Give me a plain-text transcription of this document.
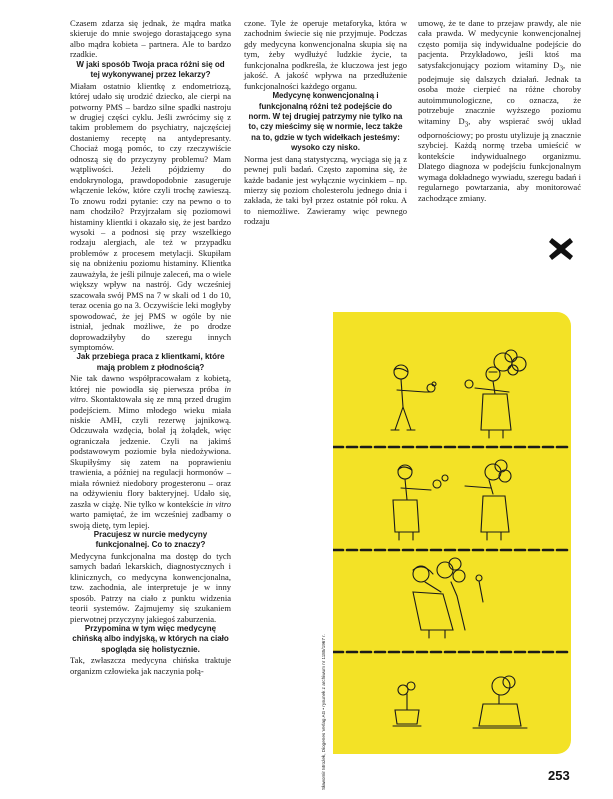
Czasem zdarza się jednak, że mądra matka skieruje do mnie swojego dorastającego syna albo mądra kobieta – partnera. Ale to bardzo rzadkie.

W jaki sposób Twoja praca różni się od tej wykonywanej przez lekarzy?

Miałam ostatnio klientkę z endometriozą, której udało się urodzić dziecko, ale cierpi na potworny PMS – bardzo silne spadki nastroju w drugiej części cyklu. Jeśli zwrócimy się z takim problemem do psychiatry, najczęściej dostaniemy receptę na antydepresanty. Chociaż mogą pomóc, to czy rzeczywiście odnoszą się do przyczyny problemu? Mam wątpliwości. Jeżeli pójdziemy do endokrynologa, prawdopodobnie zasugeruje włączenie leków, które czyli trochę zawieszą. To znowu rodzi pytanie: czy na pewno o to nam chodziło? Przyjrzałam się poziomowi histaminy klientki i okazało się, że jest bardzo wysoki – a podnosi się przy wszelkiego rodzaju alergiach, ale też w przypadku problemów z procesem metylacji. Skupiłam się na obniżeniu poziomu histaminy. Klientka zauważyła, że jeśli pilnuje zaleceń, ma o wiele większy wpływ na nastrój. Gdy wcześniej szacowała swój PMS na 7 w skali od 1 do 10, teraz ocenia go na 3. Oczywiście leki mogłyby spowodować, że jej PMS w ogóle by nie istniał, jednak możliwe, że po drodze doprowadziłyby do szeregu innych symptomów.

Jak przebiega praca z klientkami, które mają problem z płodnością?

Nie tak dawno współpracowałam z kobietą, której nie powiodła się pierwsza próba in vitro. Skontaktowała się ze mną przed drugim podejściem. Mimo młodego wieku miała niskie AMH, czyli rezerwę jajnikową. Odczuwała wzdęcia, bolał ją żołądek, więc ograniczała jedzenie. Czyli na jakimś podstawowym poziomie była niedożywiona. Skupiłyśmy się zatem na poprawieniu trawienia, a później na regulacji hormonów – miała również niedobory progesteronu – oraz na odżywieniu flory bakteryjnej. Udało się, zaszła w ciążę. Nie tylko w kontekście in vitro warto pamiętać, że im wcześniej zadbamy o swoją dietę, tym lepiej.

Pracujesz w nurcie medycyny funkcjonalnej. Co to znaczy?

Medycyna funkcjonalna ma dostęp do tych samych badań lekarskich, diagnostycznych i klinicznych, co medycyna konwencjonalna, tzw. zachodnia, ale interpretuje je w inny sposób. Patrzy na ciało z punktu widzenia teorii systemów. Zajmujemy się szukaniem pierwotnej przyczyny jakiegoś zaburzenia.

Przypomina w tym więc medycynę chińską albo indyjską, w których na ciało spogląda się holistycznie.

Tak, zwłaszcza medycyna chińska traktuje organizm człowieka jak naczynia połą-

czone. Tyle że operuje metaforyka, która w zachodnim świecie się nie przyjmuje. Podczas gdy medycyna konwencjonalna skupia się na tym, żeby wydłużyć ludzkie życie, ta funkcjonalna podkreśla, że kluczowa jest jego jakość. A jakość wpływa na przedłużenie funkcjonalności każdego organu.

Medycynę konwencjonalną i funkcjonalną różni też podejście do norm. W tej drugiej patrzymy nie tylko na to, czy mieścimy się w normie, lecz także na to, gdzie w tych widełkach jesteśmy: wysoko czy nisko.

Norma jest daną statystyczną, wyciąga się ją z pewnej puli badań. Często zapomina się, że każde badanie jest wyłącznie wycinkiem – np. mierzy się poziom cholesterolu jednego dnia i zakłada, że taki był przez ostatnie pół roku. A to niemożliwe. Zawieramy więc pewnego rodzaju

umowę, że te dane to przejaw prawdy, ale nie cała prawda. W medycynie konwencjonalnej często pomija się indywidualne podejście do pacjenta. Przykładowo, jeśli ktoś ma satysfakcjonujący poziom witaminy $D_3$, nie podejmuje się dalszych działań. Jednak ta osoba może cierpieć na różne choroby autoimmunologiczne, co oznacza, że potrzebuje znacznie wyższego poziomu witaminy $D_3$, aby wspierać swój układ odpornościowy; po prostu utylizuje ją znacznie szybciej. Każdą normę trzeba umieścić w kontekście indywidualnego organizmu. Dlatego diagnoza w podejściu funkcjonalnym wymaga dokładnego wywiadu, szeregu badań i regularnego powtarzania, aby monitorować zachodzące zmiany.

Sławomir Mrożek, Diogenes Verlag AG • rysunek z archiwum nr 1185/1967 r.	253
